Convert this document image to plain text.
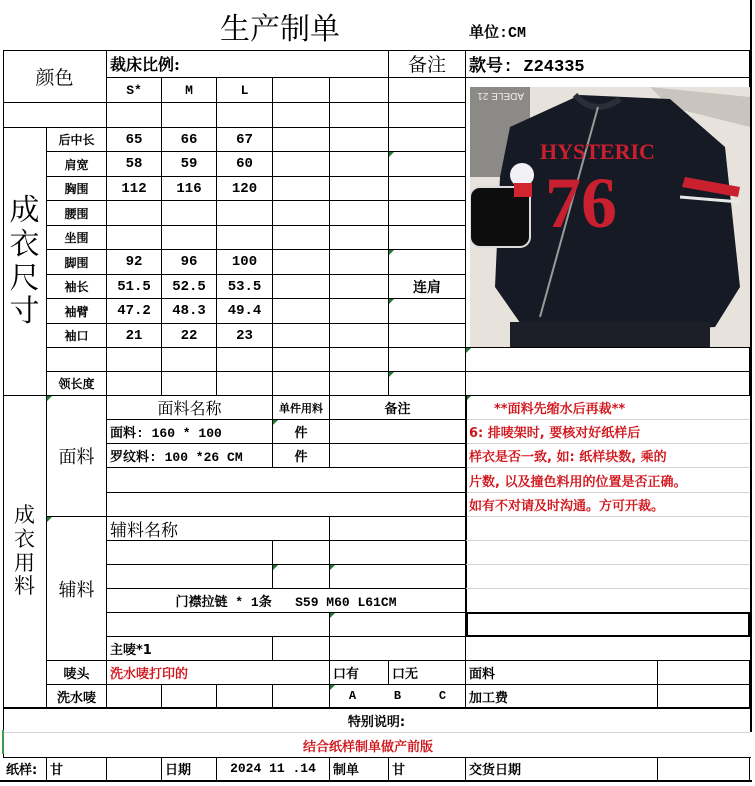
生产制单	单位:CM
颜色
裁床比例:	备注	款号: Z24335
S*	M	L
成
衣
尺
寸
后中长	65	66	67
肩宽	58	59	60
胸围	112	116	120
腰围
坐围
脚围	92	96	100
袖长	51.5	52.5	53.5	连肩
袖臂	47.2	48.3	49.4
袖口	21	22	23
领长度
ADELE 21
HYSTERIC
76
成
衣
用
料
面料
面料名称	单件用料	备注
面料: 160 * 100	件
罗纹料: 100 *26 CM	件
**面料先缩水后再裁**
6: 排唛架时, 要核对好纸样后
样衣是否一致, 如: 纸样块数, 乘的
片数, 以及撞色料用的位置是否正确。
如有不对请及时沟通。方可开裁。
辅料
辅料名称
门襟拉链 * 1条   S59 M60 L61CM
主唛*1
唛头	洗水唛打印的	口有	口无	面料
洗水唛	A	B	C 加工费
特别说明:
结合纸样制单做产前版
纸样: 甘	日期	2024 11 .14	制单	甘	交货日期
